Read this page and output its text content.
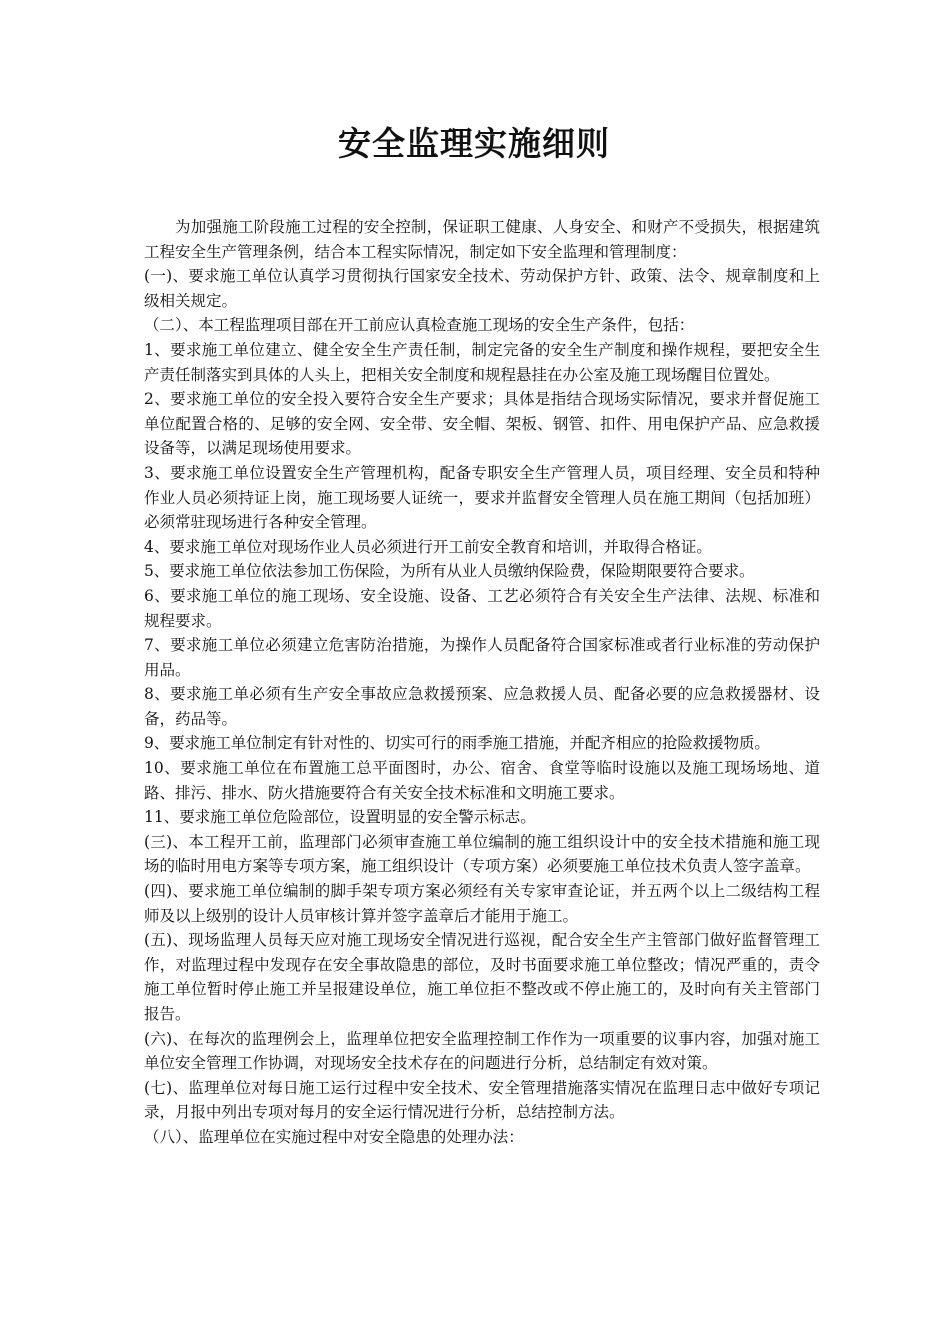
安全监理实施细则

为加强施工阶段施工过程的安全控制，保证职工健康、人身安全、和财产不受损失，根据建筑工程安全生产管理条例，结合本工程实际情况，制定如下安全监理和管理制度：

(一)、要求施工单位认真学习贯彻执行国家安全技术、劳动保护方针、政策、法令、规章制度和上级相关规定。

（二）、本工程监理项目部在开工前应认真检查施工现场的安全生产条件，包括：

1、要求施工单位建立、健全安全生产责任制，制定完备的安全生产制度和操作规程，要把安全生产责任制落实到具体的人头上，把相关安全制度和规程悬挂在办公室及施工现场醒目位置处。

2、要求施工单位的安全投入要符合安全生产要求；具体是指结合现场实际情况，要求并督促施工单位配置合格的、足够的安全网、安全带、安全帽、架板、钢管、扣件、用电保护产品、应急救援设备等，以满足现场使用要求。

3、要求施工单位设置安全生产管理机构，配备专职安全生产管理人员，项目经理、安全员和特种作业人员必须持证上岗，施工现场要人证统一，要求并监督安全管理人员在施工期间（包括加班）必须常驻现场进行各种安全管理。

4、要求施工单位对现场作业人员必须进行开工前安全教育和培训，并取得合格证。

5、要求施工单位依法参加工伤保险，为所有从业人员缴纳保险费，保险期限要符合要求。

6、要求施工单位的施工现场、安全设施、设备、工艺必须符合有关安全生产法律、法规、标准和规程要求。

7、要求施工单位必须建立危害防治措施，为操作人员配备符合国家标准或者行业标准的劳动保护用品。

8、要求施工单必须有生产安全事故应急救援预案、应急救援人员、配备必要的应急救援器材、设备，药品等。

9、要求施工单位制定有针对性的、切实可行的雨季施工措施，并配齐相应的抢险救援物质。

10、要求施工单位在布置施工总平面图时，办公、宿舍、食堂等临时设施以及施工现场场地、道路、排污、排水、防火措施要符合有关安全技术标准和文明施工要求。

11、要求施工单位危险部位，设置明显的安全警示标志。

(三)、本工程开工前，监理部门必须审查施工单位编制的施工组织设计中的安全技术措施和施工现场的临时用电方案等专项方案，施工组织设计（专项方案）必须要施工单位技术负责人签字盖章。

(四)、要求施工单位编制的脚手架专项方案必须经有关专家审查论证，并五两个以上二级结构工程师及以上级别的设计人员审核计算并签字盖章后才能用于施工。

(五)、现场监理人员每天应对施工现场安全情况进行巡视，配合安全生产主管部门做好监督管理工作，对监理过程中发现存在安全事故隐患的部位，及时书面要求施工单位整改；情况严重的，责令施工单位暂时停止施工并呈报建设单位，施工单位拒不整改或不停止施工的，及时向有关主管部门报告。

(六)、在每次的监理例会上，监理单位把安全监理控制工作作为一项重要的议事内容，加强对施工单位安全管理工作协调，对现场安全技术存在的问题进行分析，总结制定有效对策。

(七)、监理单位对每日施工运行过程中安全技术、安全管理措施落实情况在监理日志中做好专项记录，月报中列出专项对每月的安全运行情况进行分析，总结控制方法。

（八）、监理单位在实施过程中对安全隐患的处理办法：
